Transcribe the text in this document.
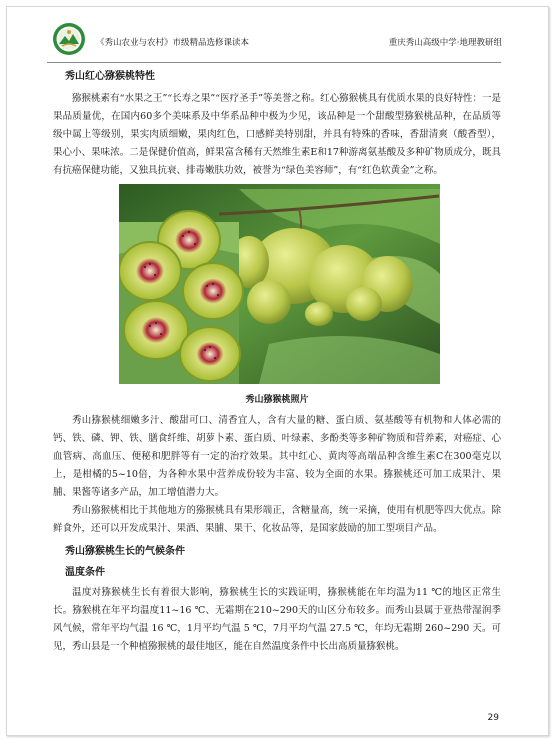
《秀山农业与农村》市级精品选修课读本	重庆秀山高级中学·地理教研组
秀山红心猕猴桃特性

猕猴桃素有“水果之王”“长寿之果”“医疗圣手”等美誉之称。红心猕猴桃具有优质水果的良好特性：一是果品质量优，在国内60多个美味系及中华系品种中极为少见，该品种是一个甜酸型猕猴桃品种，在品质等级中属上等级别，果实肉质细嫩，果肉红色，口感鲜美特别甜，并具有特殊的香味，香甜清爽（酸香型），果心小、果味浓。二是保健价值高，鲜果富含稀有天然维生素E和17种游离氨基酸及多种矿物质成分，既具有抗癌保健功能，又独具抗衰、排毒嫩肤功效，被誉为“绿色美容师”，有“红色软黄金”之称。

秀山猕猴桃照片

秀山猕猴桃细嫩多汁、酸甜可口、清香宜人，含有大量的糖、蛋白质、氨基酸等有机物和人体必需的钙、铁、磷、钾、铁、膳食纤维、胡萝卜素、蛋白质、叶绿素、多酚类等多种矿物质和营养素，对癌症、心血管病、高血压、便秘和肥胖等有一定的治疗效果。其中红心、黄肉等高端品种含维生素C在300毫克以上，是柑橘的5~10倍，为各种水果中营养成份较为丰富、较为全面的水果。猕猴桃还可加工成果汁、果脯、果酱等诸多产品，加工增值潜力大。

秀山猕猴桃相比于其他地方的猕猴桃具有果形端正，含糖量高，统一采摘，使用有机肥等四大优点。除鲜食外，还可以开发成果汁、果酒、果脯、果干、化妆品等，是国家鼓励的加工型项目产品。

秀山猕猴桃生长的气候条件
温度条件

温度对猕猴桃生长有着很大影响，猕猴桃生长的实践证明，猕猴桃能在年均温为11 ℃的地区正常生长。猕猴桃在年平均温度11~16 ℃、无霜期在210~290天的山区分布较多。而秀山县属于亚热带湿润季风气候，常年平均气温 16 ℃，1月平均气温 5 ℃，7月平均气温 27.5 ℃，年均无霜期 260~290 天。可见，秀山县是一个种植猕猴桃的最佳地区，能在自然温度条件中长出高质量猕猴桃。

29
